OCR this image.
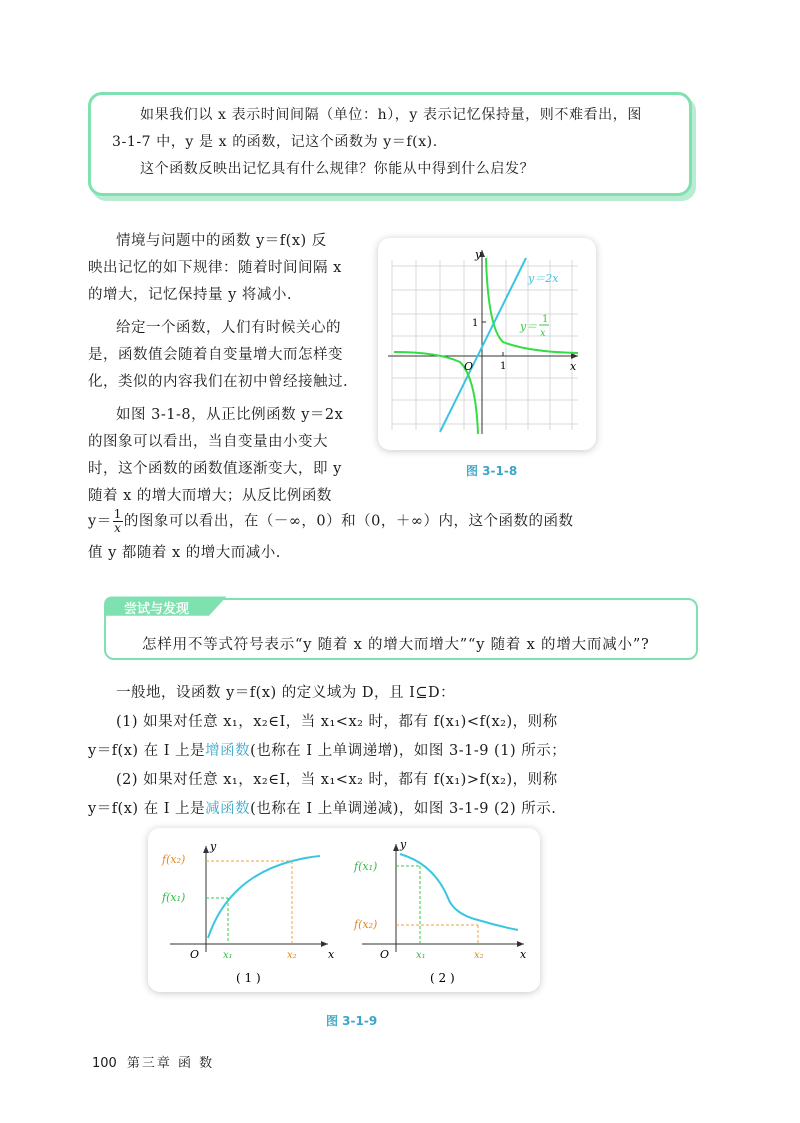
如果我们以 x 表示时间间隔（单位：h），y 表示记忆保持量，则不难看出，图

3-1-7 中，y 是 x 的函数，记这个函数为 y＝f(x).

这个函数反映出记忆具有什么规律？你能从中得到什么启发？

情境与问题中的函数 y＝f(x) 反

映出记忆的如下规律：随着时间间隔 x

的增大，记忆保持量 y 将减小.

给定一个函数，人们有时候关心的

是，函数值会随着自变量增大而怎样变

化，类似的内容我们在初中曾经接触过.

如图 3-1-8，从正比例函数 y＝2x

的图象可以看出，当自变量由小变大

时，这个函数的函数值逐渐变大，即 y

随着 x 的增大而增大；从反比例函数

y
x
O	1
1
y＝2x
y＝
1
x
图 3-1-8

$y= \frac{1}{x}$ 的图象可以看出，在（－∞，0）和（0，＋∞）内，这个函数的函数

值 y 都随着 x 的增大而减小.

尝试与发现
怎样用不等式符号表示“y 随着 x 的增大而增大”“y 随着 x 的增大而减小”?

一般地，设函数 y＝f(x) 的定义域为 D，且 I⊆D：

(1) 如果对任意 x₁，x₂∈I，当 x₁<x₂ 时，都有 f(x₁)<f(x₂)，则称

y＝f(x) 在 I 上是增函数(也称在 I 上单调递增)，如图 3-1-9 (1) 所示；

(2) 如果对任意 x₁，x₂∈I，当 x₁<x₂ 时，都有 f(x₁)>f(x₂)，则称

y＝f(x) 在 I 上是减函数(也称在 I 上单调递减)，如图 3-1-9 (2) 所示.

f(x₂)
f(x₁)
x₁	x₂
O	x
y
( 1 )
f(x₁)
f(x₂)
x₁	x₂
O	x
y
( 2 )
图 3-1-9
100 第三章 函 数
